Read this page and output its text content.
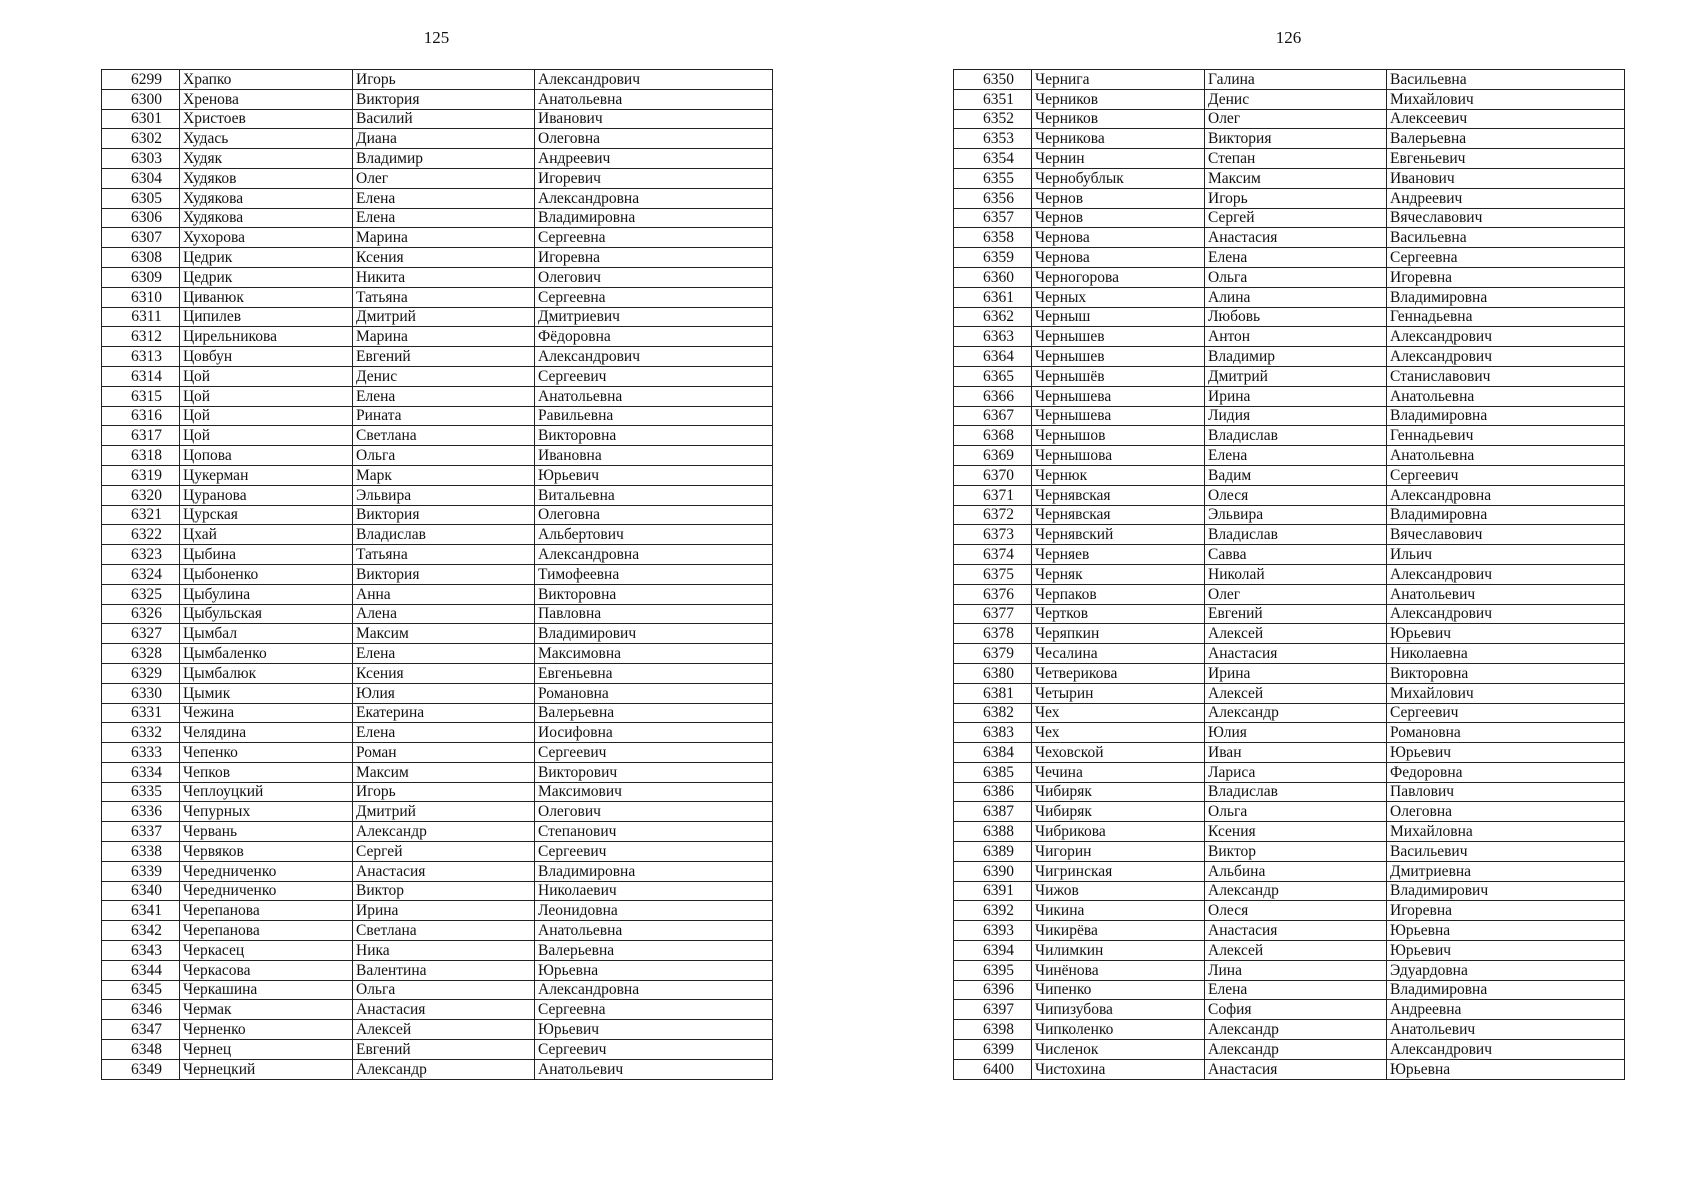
125
6299	Храпко	Игорь	Александрович
6300	Хренова	Виктория	Анатольевна
6301	Христоев	Василий	Иванович
6302	Худась	Диана	Олеговна
6303	Худяк	Владимир	Андреевич
6304	Худяков	Олег	Игоревич
6305	Худякова	Елена	Александровна
6306	Худякова	Елена	Владимировна
6307	Хухорова	Марина	Сергеевна
6308	Цедрик	Ксения	Игоревна
6309	Цедрик	Никита	Олегович
6310	Циванюк	Татьяна	Сергеевна
6311	Ципилев	Дмитрий	Дмитриевич
6312	Цирельникова	Марина	Фёдоровна
6313	Цовбун	Евгений	Александрович
6314	Цой	Денис	Сергеевич
6315	Цой	Елена	Анатольевна
6316	Цой	Рината	Равильевна
6317	Цой	Светлана	Викторовна
6318	Цопова	Ольга	Ивановна
6319	Цукерман	Марк	Юрьевич
6320	Цуранова	Эльвира	Витальевна
6321	Цурская	Виктория	Олеговна
6322	Цхай	Владислав	Альбертович
6323	Цыбина	Татьяна	Александровна
6324	Цыбоненко	Виктория	Тимофеевна
6325	Цыбулина	Анна	Викторовна
6326	Цыбульская	Алена	Павловна
6327	Цымбал	Максим	Владимирович
6328	Цымбаленко	Елена	Максимовна
6329	Цымбалюк	Ксения	Евгеньевна
6330	Цымик	Юлия	Романовна
6331	Чежина	Екатерина	Валерьевна
6332	Челядина	Елена	Иосифовна
6333	Чепенко	Роман	Сергеевич
6334	Чепков	Максим	Викторович
6335	Чеплоуцкий	Игорь	Максимович
6336	Чепурных	Дмитрий	Олегович
6337	Червань	Александр	Степанович
6338	Червяков	Сергей	Сергеевич
6339	Чередниченко	Анастасия	Владимировна
6340	Чередниченко	Виктор	Николаевич
6341	Черепанова	Ирина	Леонидовна
6342	Черепанова	Светлана	Анатольевна
6343	Черкасец	Ника	Валерьевна
6344	Черкасова	Валентина	Юрьевна
6345	Черкашина	Ольга	Александровна
6346	Чермак	Анастасия	Сергеевна
6347	Черненко	Алексей	Юрьевич
6348	Чернец	Евгений	Сергеевич
6349	Чернецкий	Александр	Анатольевич
126
6350	Чернига	Галина	Васильевна
6351	Черников	Денис	Михайлович
6352	Черников	Олег	Алексеевич
6353	Черникова	Виктория	Валерьевна
6354	Чернин	Степан	Евгеньевич
6355	Чернобублык	Максим	Иванович
6356	Чернов	Игорь	Андреевич
6357	Чернов	Сергей	Вячеславович
6358	Чернова	Анастасия	Васильевна
6359	Чернова	Елена	Сергеевна
6360	Черногорова	Ольга	Игоревна
6361	Черных	Алина	Владимировна
6362	Черныш	Любовь	Геннадьевна
6363	Чернышев	Антон	Александрович
6364	Чернышев	Владимир	Александрович
6365	Чернышёв	Дмитрий	Станиславович
6366	Чернышева	Ирина	Анатольевна
6367	Чернышева	Лидия	Владимировна
6368	Чернышов	Владислав	Геннадьевич
6369	Чернышова	Елена	Анатольевна
6370	Чернюк	Вадим	Сергеевич
6371	Чернявская	Олеся	Александровна
6372	Чернявская	Эльвира	Владимировна
6373	Чернявский	Владислав	Вячеславович
6374	Черняев	Савва	Ильич
6375	Черняк	Николай	Александрович
6376	Черпаков	Олег	Анатольевич
6377	Чертков	Евгений	Александрович
6378	Черяпкин	Алексей	Юрьевич
6379	Чесалина	Анастасия	Николаевна
6380	Четверикова	Ирина	Викторовна
6381	Четырин	Алексей	Михайлович
6382	Чех	Александр	Сергеевич
6383	Чех	Юлия	Романовна
6384	Чеховской	Иван	Юрьевич
6385	Чечина	Лариса	Федоровна
6386	Чибиряк	Владислав	Павлович
6387	Чибиряк	Ольга	Олеговна
6388	Чибрикова	Ксения	Михайловна
6389	Чигорин	Виктор	Васильевич
6390	Чигринская	Альбина	Дмитриевна
6391	Чижов	Александр	Владимирович
6392	Чикина	Олеся	Игоревна
6393	Чикирёва	Анастасия	Юрьевна
6394	Чилимкин	Алексей	Юрьевич
6395	Чинёнова	Лина	Эдуардовна
6396	Чипенко	Елена	Владимировна
6397	Чипизубова	София	Андреевна
6398	Чипколенко	Александр	Анатольевич
6399	Численок	Александр	Александрович
6400	Чистохина	Анастасия	Юрьевна
